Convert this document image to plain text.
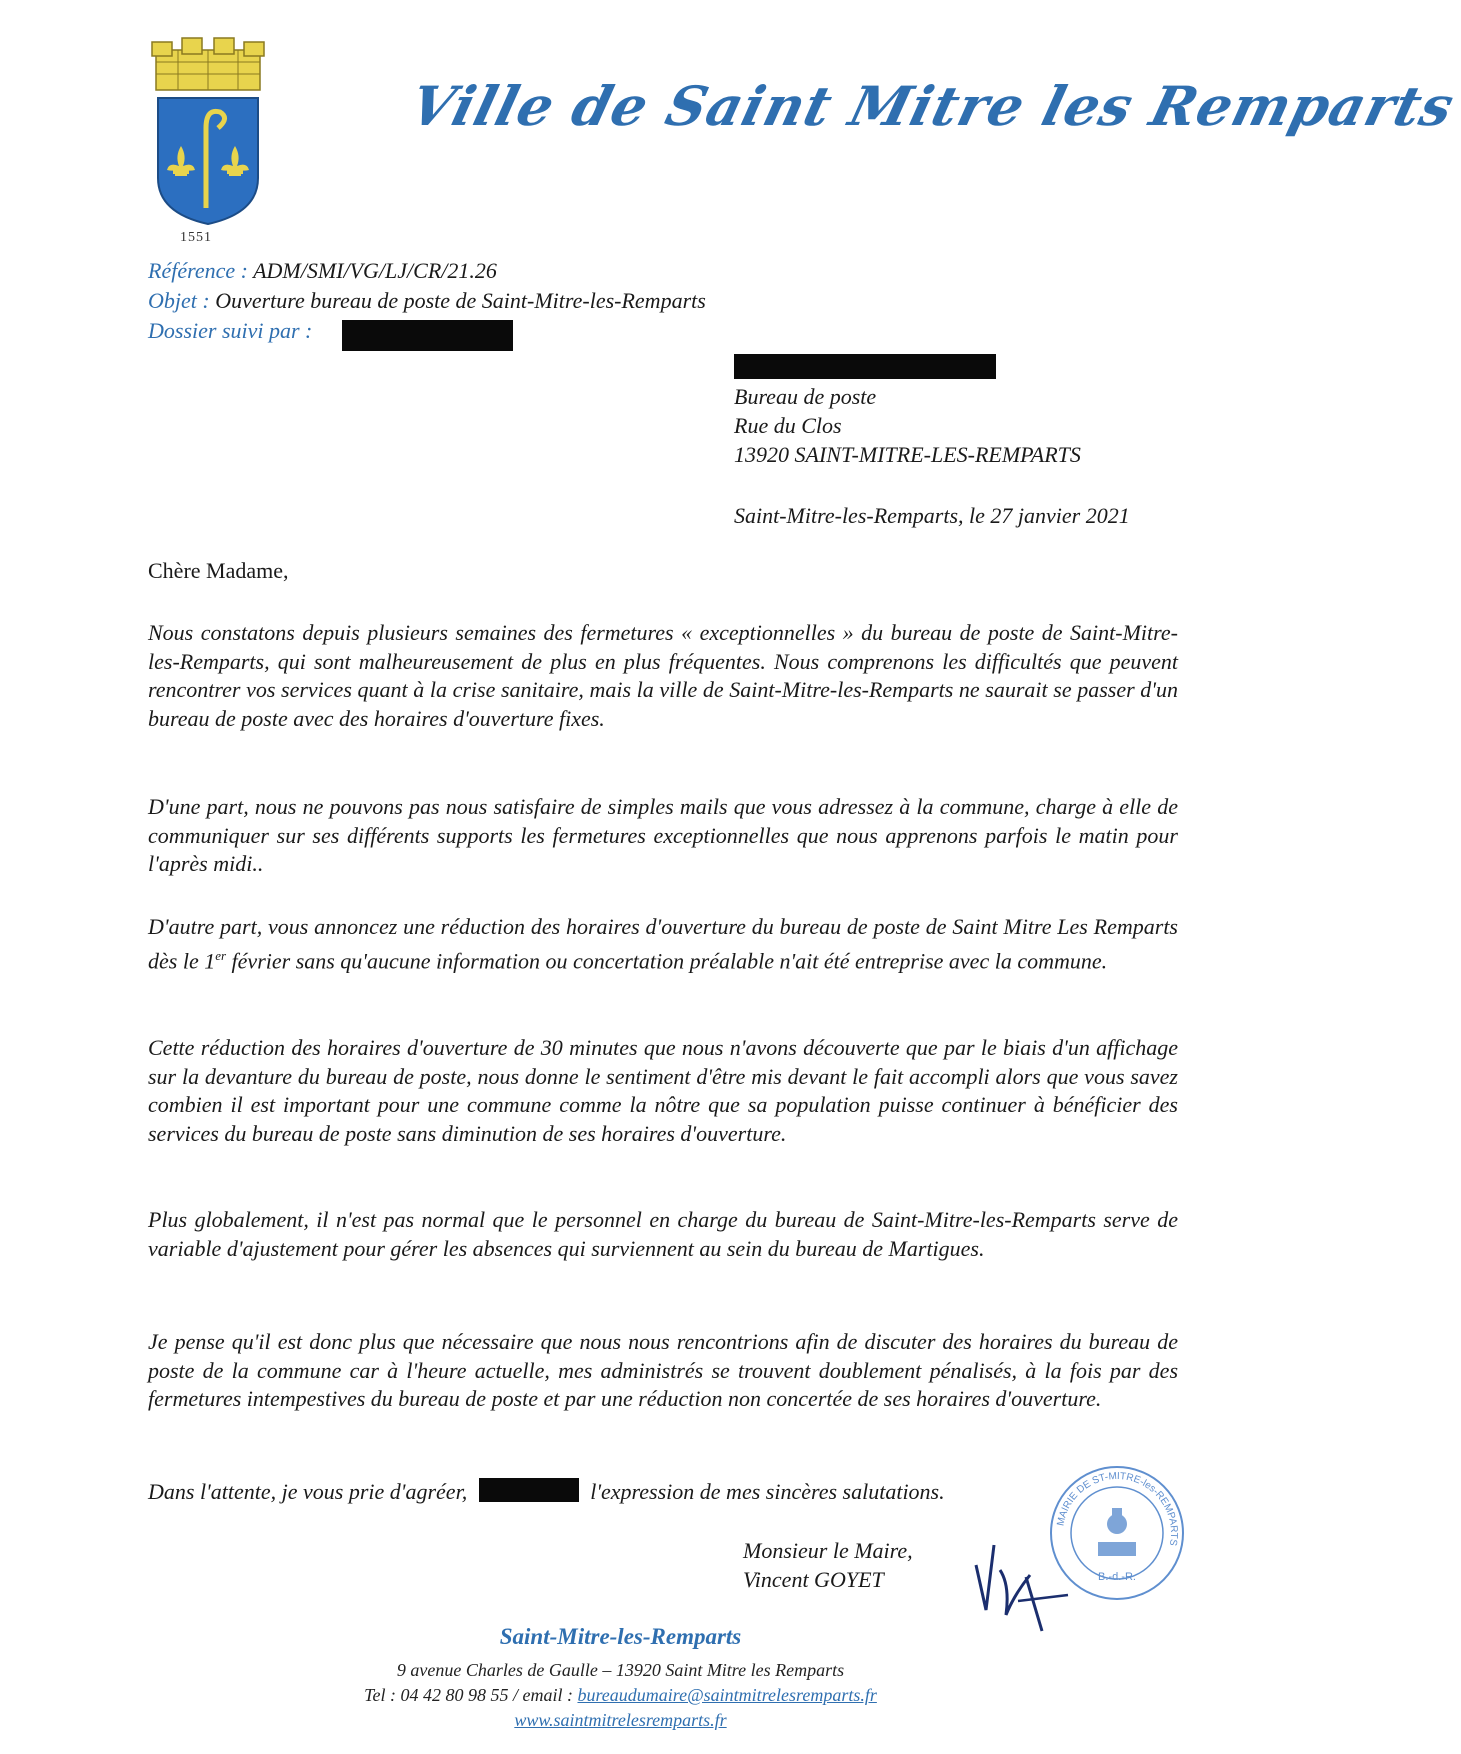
1551
Ville de Saint Mitre les Remparts
Référence : ADM/SMI/VG/LJ/CR/21.26
Objet : Ouverture bureau de poste de Saint-Mitre-les-Remparts
Dossier suivi par :
Bureau de poste
Rue du Clos
13920 SAINT-MITRE-LES-REMPARTS
Saint-Mitre-les-Remparts, le 27 janvier 2021
Chère Madame,
Nous constatons depuis plusieurs semaines des fermetures « exceptionnelles » du bureau de poste de Saint-Mitre-les-Remparts, qui sont malheureusement de plus en plus fréquentes. Nous comprenons les difficultés que peuvent rencontrer vos services quant à la crise sanitaire, mais la ville de Saint-Mitre-les-Remparts ne saurait se passer d'un bureau de poste avec des horaires d'ouverture fixes.
D'une part, nous ne pouvons pas nous satisfaire de simples mails que vous adressez à la commune, charge à elle de communiquer sur ses différents supports les fermetures exceptionnelles que nous apprenons parfois le matin pour l'après midi..
D'autre part, vous annoncez une réduction des horaires d'ouverture du bureau de poste de Saint Mitre Les Remparts dès le 1er février sans qu'aucune information ou concertation préalable n'ait été entreprise avec la commune.
Cette réduction des horaires d'ouverture de 30 minutes que nous n'avons découverte que par le biais d'un affichage sur la devanture du bureau de poste, nous donne le sentiment d'être mis devant le fait accompli alors que vous savez combien il est important pour une commune comme la nôtre que sa population puisse continuer à bénéficier des services du bureau de poste sans diminution de ses horaires d'ouverture.
Plus globalement, il n'est pas normal que le personnel en charge du bureau de Saint-Mitre-les-Remparts serve de variable d'ajustement pour gérer les absences qui surviennent au sein du bureau de Martigues.
Je pense qu'il est donc plus que nécessaire que nous nous rencontrions afin de discuter des horaires du bureau de poste de la commune car à l'heure actuelle, mes administrés se trouvent doublement pénalisés, à la fois par des fermetures intempestives du bureau de poste et par une réduction non concertée de ses horaires d'ouverture.
Dans l'attente, je vous prie d'agréer,	l'expression de mes sincères salutations.
Monsieur le Maire,
Vincent GOYET
MAIRIE DE ST-MITRE-les-REMPARTS
B.-d.-R.
Saint-Mitre-les-Remparts
9 avenue Charles de Gaulle – 13920 Saint Mitre les Remparts
Tel : 04 42 80 98 55 / email : bureaudumaire@saintmitrelesremparts.fr
www.saintmitrelesremparts.fr
